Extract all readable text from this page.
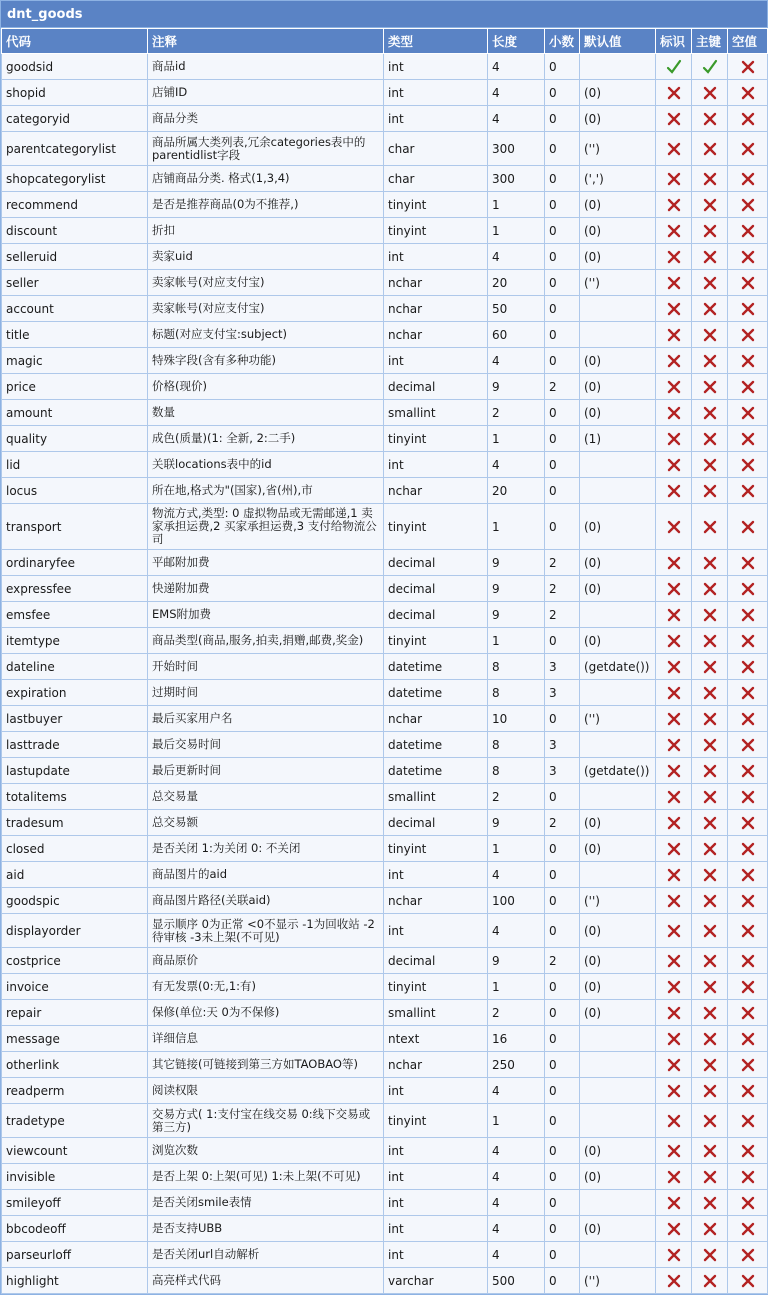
dnt_goods
代码	注释	类型	长度	小数	默认值	标识	主键	空值
goodsid	商品id	int	4	0				
shopid	店铺ID	int	4	0	(0)			
categoryid	商品分类	int	4	0	(0)			
parentcategorylist	商品所属大类列表,冗余categories表中的parentidlist字段	char	300	0	('')			
shopcategorylist	店铺商品分类. 格式(1,3,4)	char	300	0	(',')			
recommend	是否是推荐商品(0为不推荐,)	tinyint	1	0	(0)			
discount	折扣	tinyint	1	0	(0)			
selleruid	卖家uid	int	4	0	(0)			
seller	卖家帐号(对应支付宝)	nchar	20	0	('')			
account	卖家帐号(对应支付宝)	nchar	50	0				
title	标题(对应支付宝:subject)	nchar	60	0				
magic	特殊字段(含有多种功能)	int	4	0	(0)			
price	价格(现价)	decimal	9	2	(0)			
amount	数量	smallint	2	0	(0)			
quality	成色(质量)(1: 全新, 2:二手)	tinyint	1	0	(1)			
lid	关联locations表中的id	int	4	0				
locus	所在地,格式为"(国家),省(州),市	nchar	20	0				
transport	物流方式,类型: 0 虚拟物品或无需邮递,1 卖家承担运费,2 买家承担运费,3 支付给物流公司	tinyint	1	0	(0)			
ordinaryfee	平邮附加费	decimal	9	2	(0)			
expressfee	快递附加费	decimal	9	2	(0)			
emsfee	EMS附加费	decimal	9	2				
itemtype	商品类型(商品,服务,拍卖,捐赠,邮费,奖金)	tinyint	1	0	(0)			
dateline	开始时间	datetime	8	3	(getdate())			
expiration	过期时间	datetime	8	3				
lastbuyer	最后买家用户名	nchar	10	0	('')			
lasttrade	最后交易时间	datetime	8	3				
lastupdate	最后更新时间	datetime	8	3	(getdate())			
totalitems	总交易量	smallint	2	0				
tradesum	总交易额	decimal	9	2	(0)			
closed	是否关闭 1:为关闭 0: 不关闭	tinyint	1	0	(0)			
aid	商品图片的aid	int	4	0				
goodspic	商品图片路径(关联aid)	nchar	100	0	('')			
displayorder	显示顺序 0为正常 <0不显示 -1为回收站 -2待审核 -3未上架(不可见)	int	4	0	(0)			
costprice	商品原价	decimal	9	2	(0)			
invoice	有无发票(0:无,1:有)	tinyint	1	0	(0)			
repair	保修(单位:天 0为不保修)	smallint	2	0	(0)			
message	详细信息	ntext	16	0				
otherlink	其它链接(可链接到第三方如TAOBAO等)	nchar	250	0				
readperm	阅读权限	int	4	0				
tradetype	交易方式( 1:支付宝在线交易 0:线下交易或第三方)	tinyint	1	0				
viewcount	浏览次数	int	4	0	(0)			
invisible	是否上架 0:上架(可见) 1:未上架(不可见)	int	4	0	(0)			
smileyoff	是否关闭smile表情	int	4	0				
bbcodeoff	是否支持UBB	int	4	0	(0)			
parseurloff	是否关闭url自动解析	int	4	0				
highlight	高亮样式代码	varchar	500	0	('')			
